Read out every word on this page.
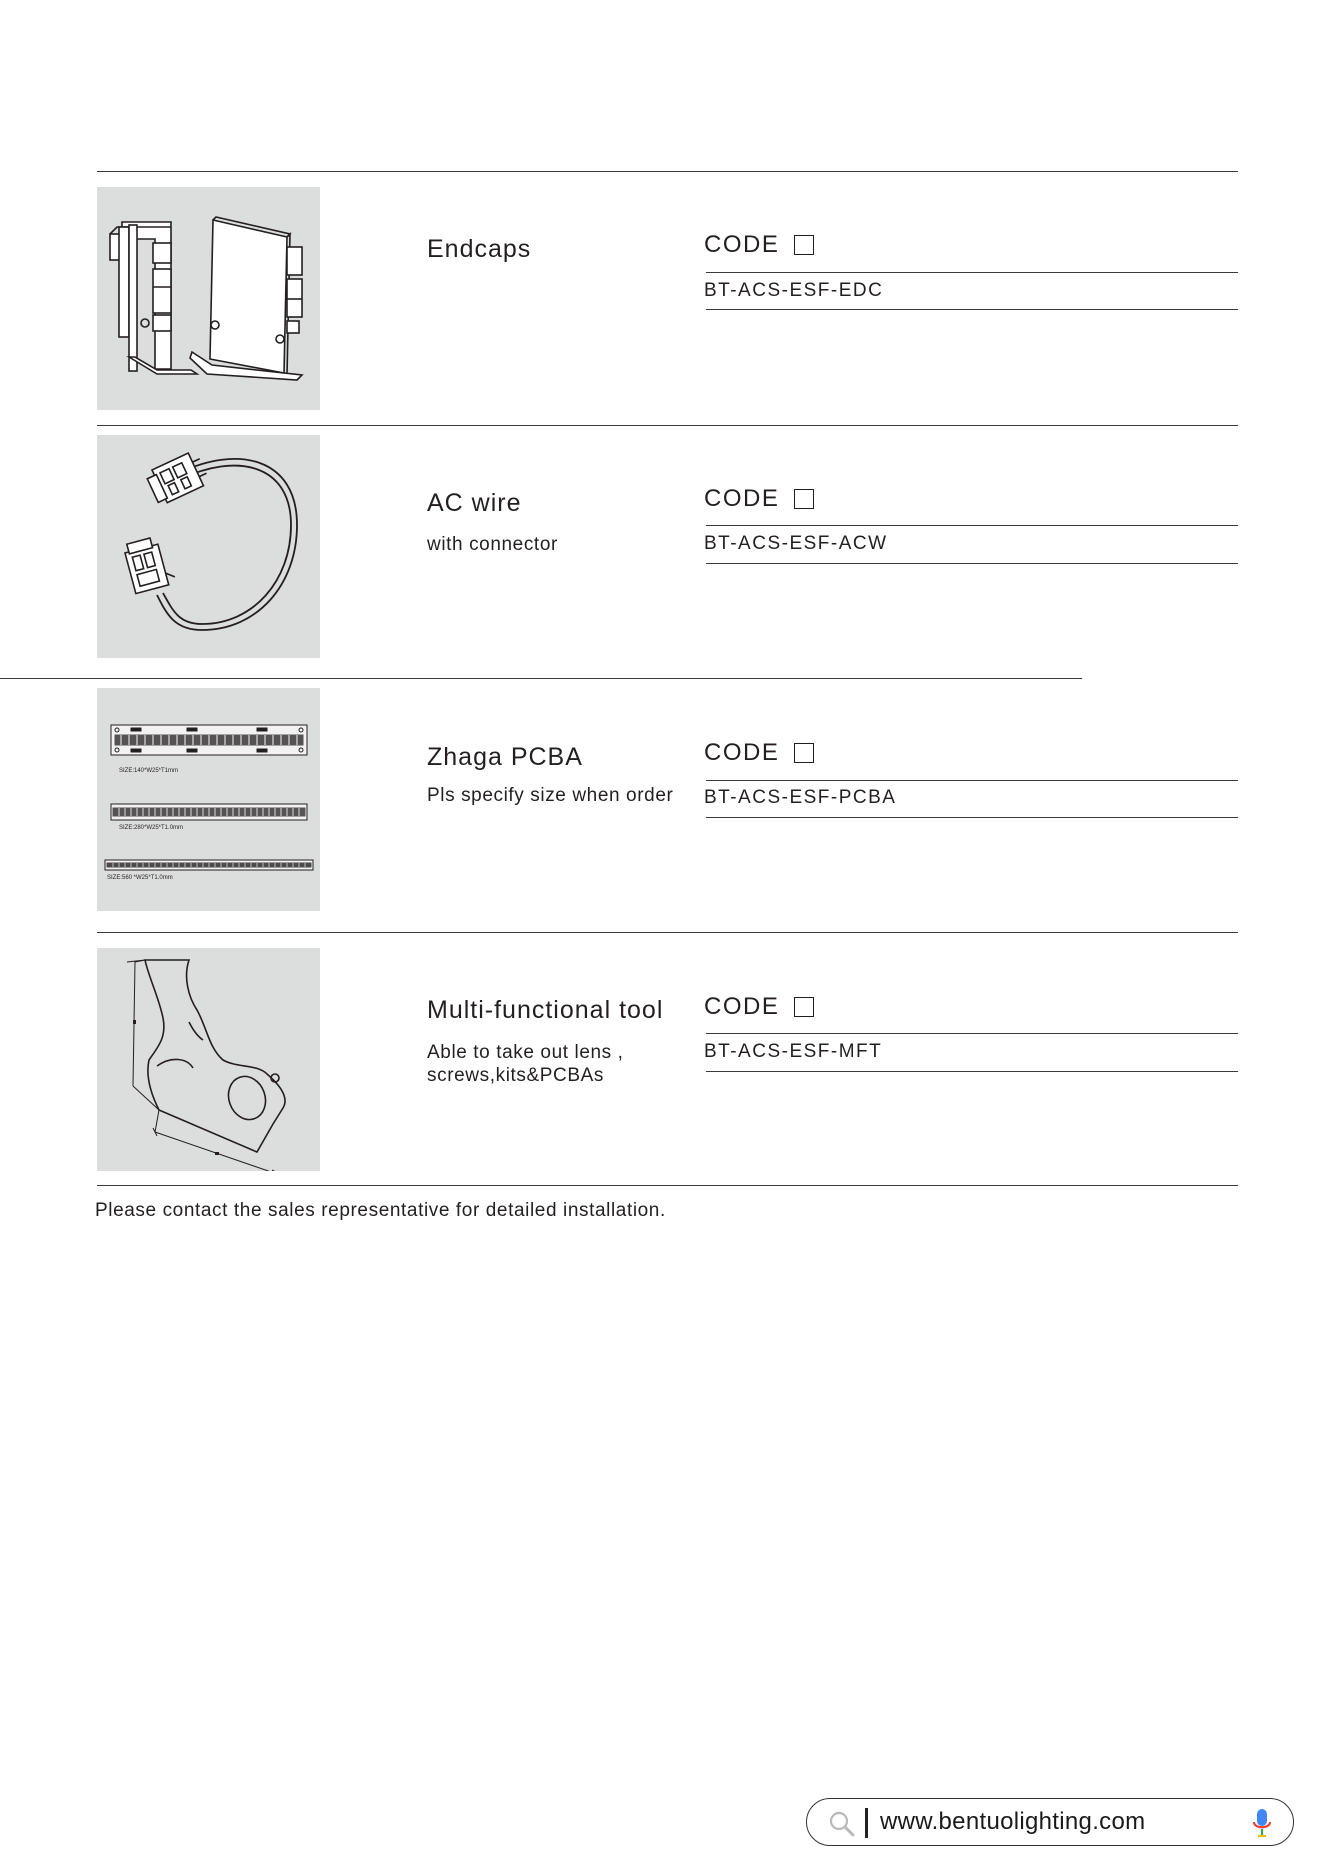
Endcaps	CODE
BT-ACS-ESF-EDC
AC wire
with connector
CODE
BT-ACS-ESF-ACW
SIZE:140*W25*T1mm
SIZE:280*W25*T1.0mm
SIZE:560 *W25*T1.0mm
Zhaga PCBA
Pls specify size when order
CODE
BT-ACS-ESF-PCBA
Multi-functional tool
Able to take out lens ,
screws,kits&PCBAs
CODE
BT-ACS-ESF-MFT
Please contact the sales representative for detailed installation.
www.bentuolighting.com
